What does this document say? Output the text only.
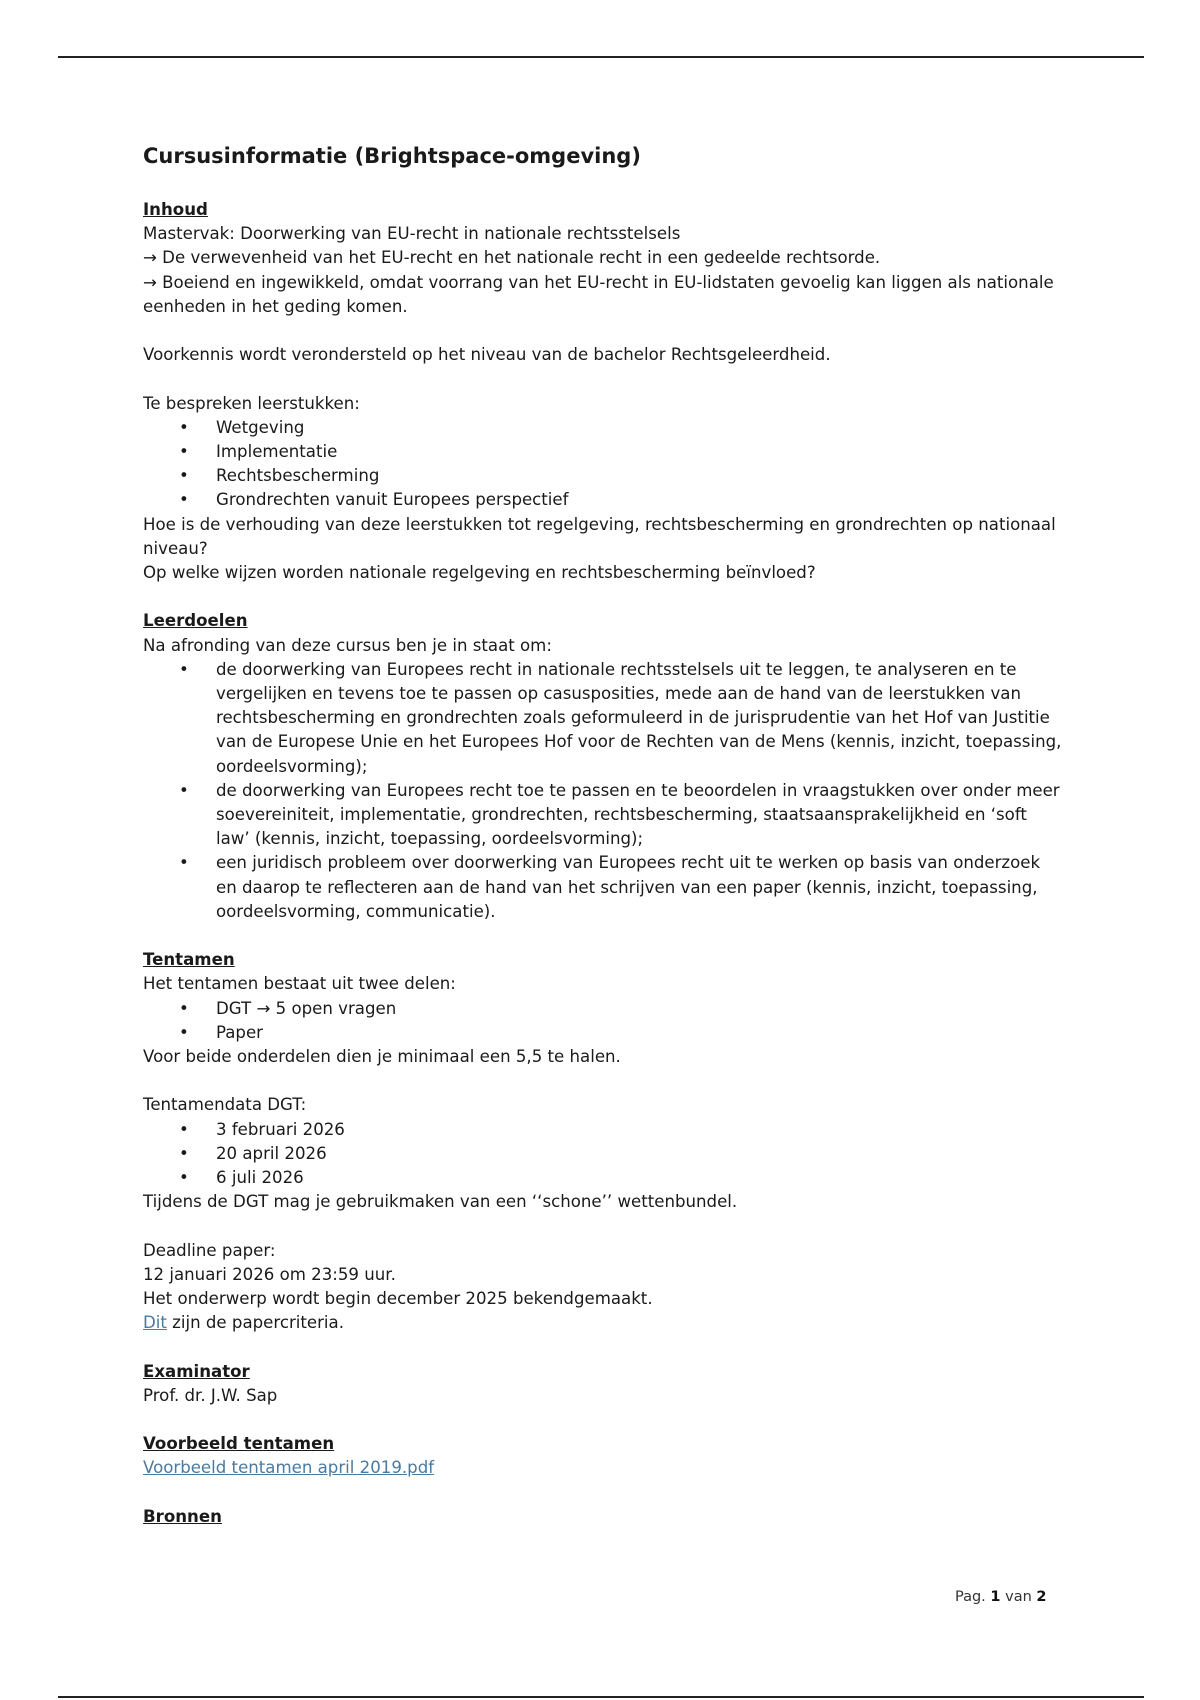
Cursusinformatie (Brightspace-omgeving)

Inhoud

Mastervak: Doorwerking van EU-recht in nationale rechtsstelsels

→ De verwevenheid van het EU-recht en het nationale recht in een gedeelde rechtsorde.

→ Boeiend en ingewikkeld, omdat voorrang van het EU-recht in EU-lidstaten gevoelig kan liggen als nationale eenheden in het geding komen.

Voorkennis wordt verondersteld op het niveau van de bachelor Rechtsgeleerdheid.

Te bespreken leerstukken:

• Wetgeving
• Implementatie
• Rechtsbescherming
• Grondrechten vanuit Europees perspectief

Hoe is de verhouding van deze leerstukken tot regelgeving, rechtsbescherming en grondrechten op nationaal niveau?

Op welke wijzen worden nationale regelgeving en rechtsbescherming beïnvloed?

Leerdoelen

Na afronding van deze cursus ben je in staat om:

• de doorwerking van Europees recht in nationale rechtsstelsels uit te leggen, te analyseren en te vergelijken en tevens toe te passen op casusposities, mede aan de hand van de leerstukken van rechtsbescherming en grondrechten zoals geformuleerd in de jurisprudentie van het Hof van Justitie van de Europese Unie en het Europees Hof voor de Rechten van de Mens (kennis, inzicht, toepassing, oordeelsvorming);
• de doorwerking van Europees recht toe te passen en te beoordelen in vraagstukken over onder meer soevereiniteit, implementatie, grondrechten, rechtsbescherming, staatsaansprakelijkheid en ‘soft law’ (kennis, inzicht, toepassing, oordeelsvorming);
• een juridisch probleem over doorwerking van Europees recht uit te werken op basis van onderzoek en daarop te reflecteren aan de hand van het schrijven van een paper (kennis, inzicht, toepassing, oordeelsvorming, communicatie).

Tentamen

Het tentamen bestaat uit twee delen:

• DGT → 5 open vragen
• Paper

Voor beide onderdelen dien je minimaal een 5,5 te halen.

Tentamendata DGT:

• 3 februari 2026
• 20 april 2026
• 6 juli 2026

Tijdens de DGT mag je gebruikmaken van een ‘‘schone’’ wettenbundel.

Deadline paper:

12 januari 2026 om 23:59 uur.

Het onderwerp wordt begin december 2025 bekendgemaakt.

Dit zijn de papercriteria.

Examinator

Prof. dr. J.W. Sap

Voorbeeld tentamen

Voorbeeld tentamen april 2019.pdf

Bronnen

Pag. 1 van 2
